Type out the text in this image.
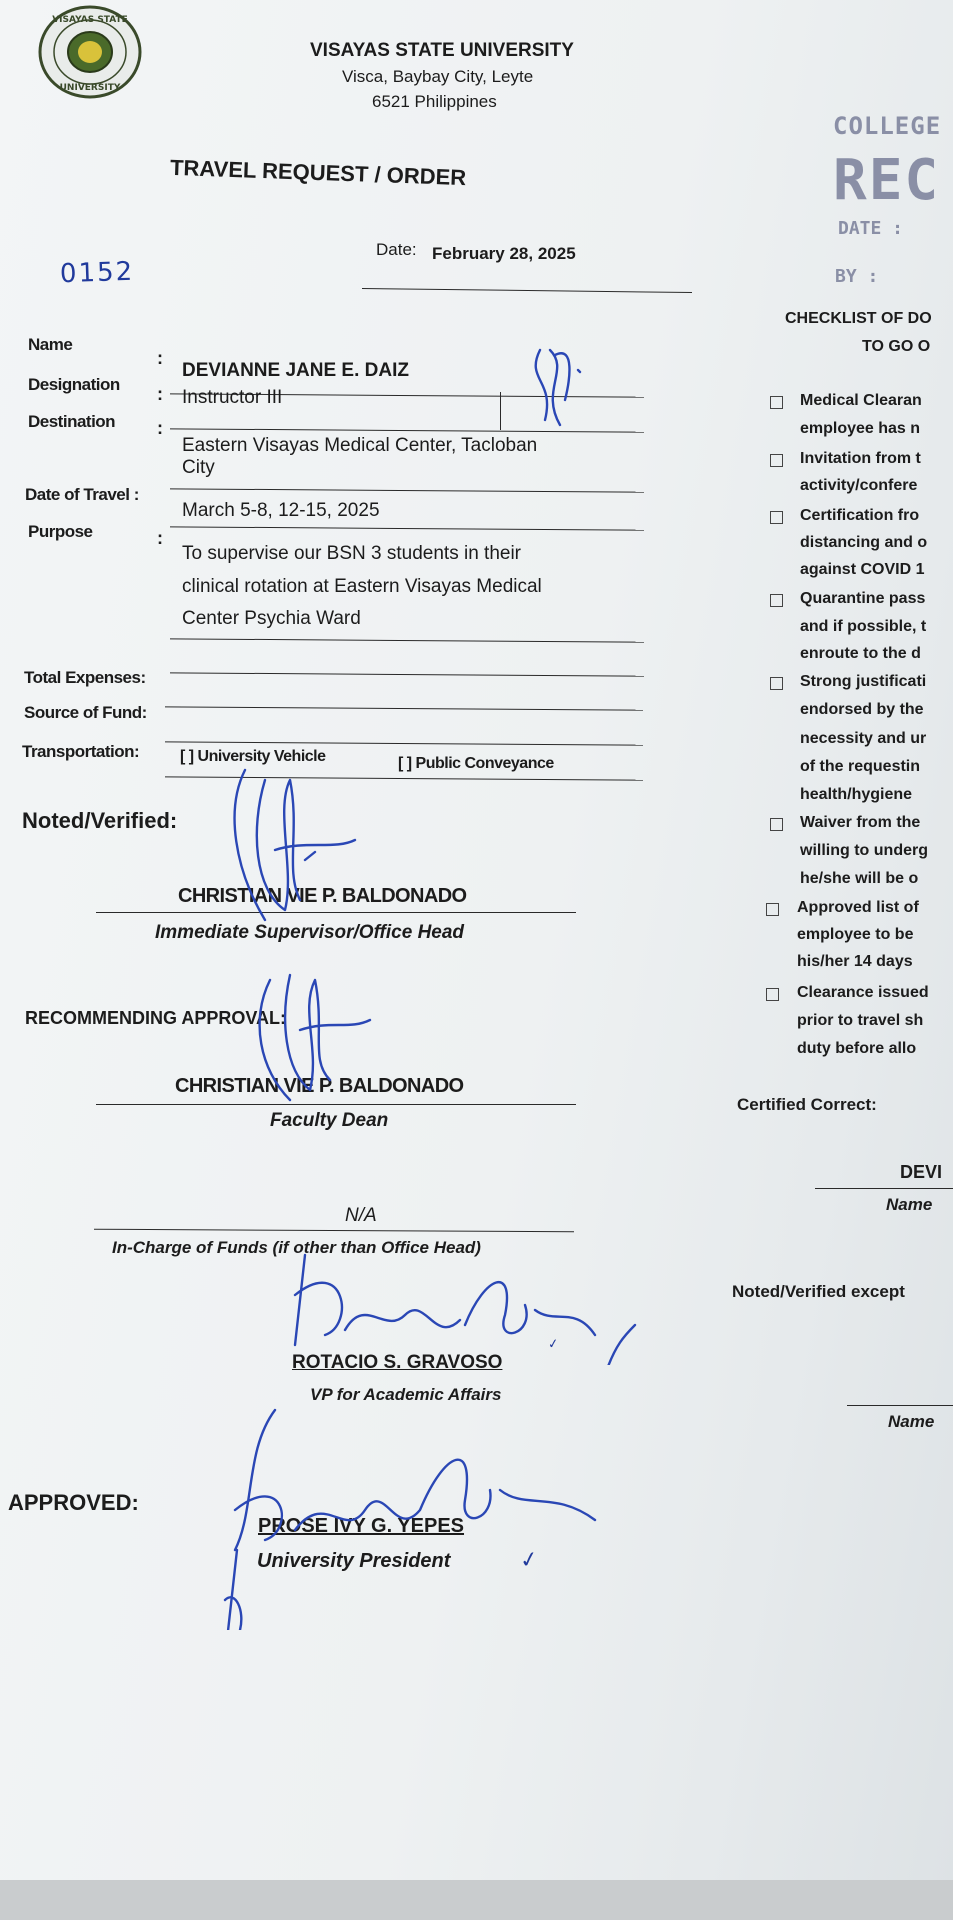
VISAYAS STATE
UNIVERSITY
VISAYAS STATE UNIVERSITY
Visca, Baybay City, Leyte
6521 Philippines
TRAVEL REQUEST / ORDER
Date: February 28, 2025
0152
Name
Designation
Destination
Date of Travel :
Purpose
:
:
:
:
DEVIANNE JANE E. DAIZ
Instructor III
Eastern Visayas Medical Center, Tacloban
City
March 5-8, 12-15, 2025
To supervise our BSN 3 students in their
clinical rotation at Eastern Visayas Medical
Center Psychia Ward
Total Expenses:
Source of Fund:
Transportation:	[ ] University Vehicle	[ ] Public Conveyance
Noted/Verified:
CHRISTIAN VIE P. BALDONADO
Immediate Supervisor/Office Head
RECOMMENDING APPROVAL:
CHRISTIAN VIE P. BALDONADO
Faculty Dean
N/A
In-Charge of Funds (if other than Office Head)
ROTACIO S. GRAVOSO
VP for Academic Affairs
APPROVED:
PROSE IVY G. YEPES
University President
✓
✓
COLLEGE
REC
DATE :
BY :
CHECKLIST OF DO
TO GO O
Medical Clearan
employee has n
Invitation from t
activity/confere
Certification fro
distancing and o
against COVID 1
Quarantine pass
and if possible, t
enroute to the d
Strong justificati
endorsed by the
necessity and ur
of the requestin
health/hygiene
Waiver from the
willing to underg
he/she will be o
Approved list of
employee to be
his/her 14 days
Clearance issued
prior to travel sh
duty before allo
Certified Correct:
DEVI
Name
Noted/Verified except
Name
